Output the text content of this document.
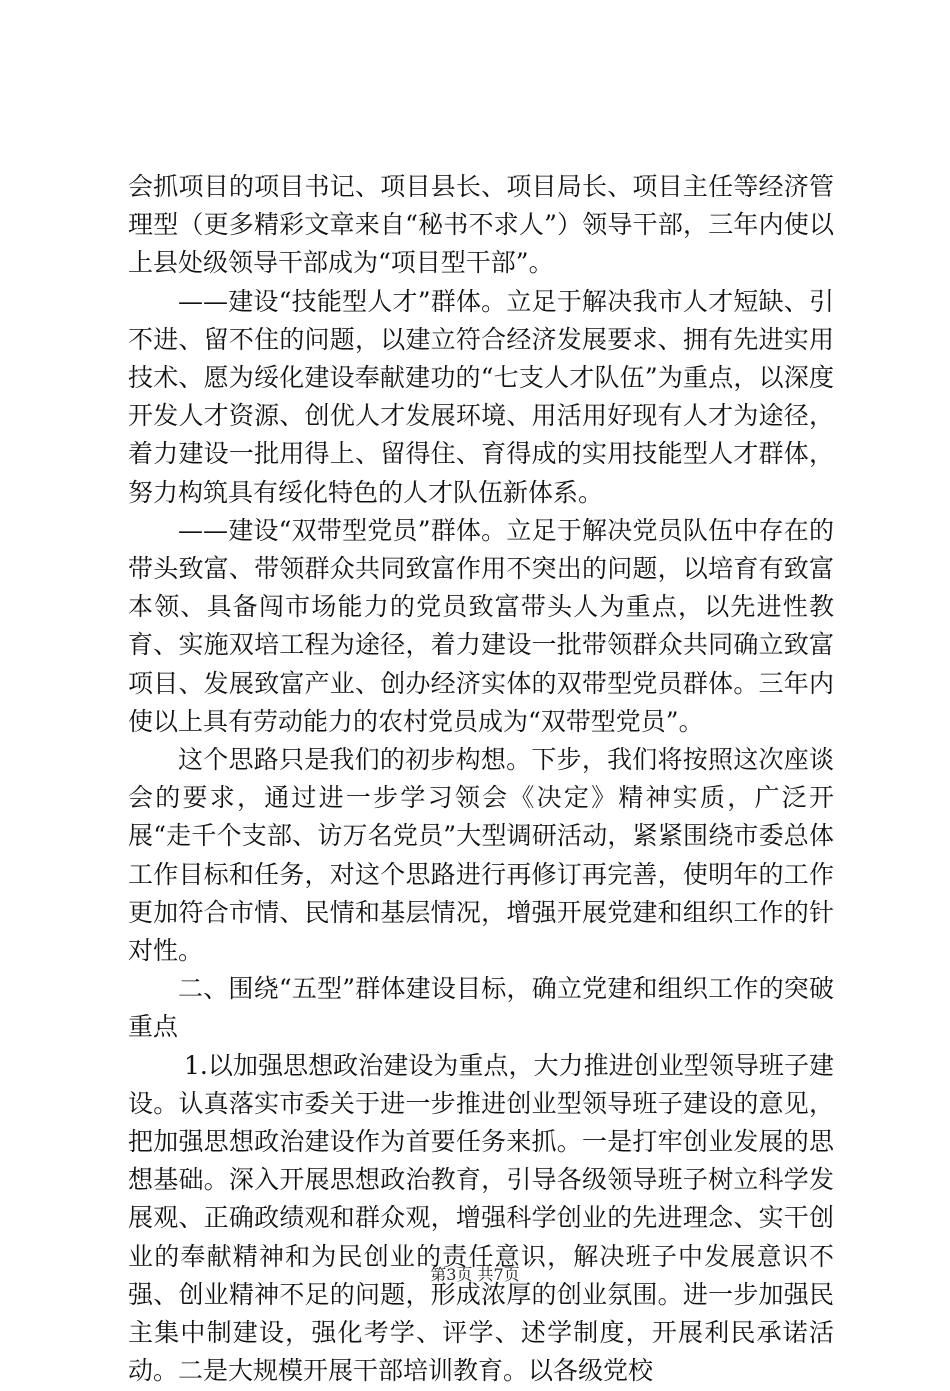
会抓项目的项目书记、项目县长、项目局长、项目主任等经济管理型（更多精彩文章来自“秘书不求人”）领导干部，三年内使以上县处级领导干部成为“项目型干部”。

——建设“技能型人才”群体。立足于解决我市人才短缺、引不进、留不住的问题，以建立符合经济发展要求、拥有先进实用技术、愿为绥化建设奉献建功的“七支人才队伍”为重点，以深度开发人才资源、创优人才发展环境、用活用好现有人才为途径，着力建设一批用得上、留得住、育得成的实用技能型人才群体，努力构筑具有绥化特色的人才队伍新体系。

——建设“双带型党员”群体。立足于解决党员队伍中存在的带头致富、带领群众共同致富作用不突出的问题，以培育有致富本领、具备闯市场能力的党员致富带头人为重点，以先进性教育、实施双培工程为途径，着力建设一批带领群众共同确立致富项目、发展致富产业、创办经济实体的双带型党员群体。三年内使以上具有劳动能力的农村党员成为“双带型党员”。

这个思路只是我们的初步构想。下步，我们将按照这次座谈会的要求，通过进一步学习领会《决定》精神实质，广泛开展“走千个支部、访万名党员”大型调研活动，紧紧围绕市委总体工作目标和任务，对这个思路进行再修订再完善，使明年的工作更加符合市情、民情和基层情况，增强开展党建和组织工作的针对性。

二、围绕“五型”群体建设目标，确立党建和组织工作的突破重点

1.以加强思想政治建设为重点，大力推进创业型领导班子建设。认真落实市委关于进一步推进创业型领导班子建设的意见，把加强思想政治建设作为首要任务来抓。一是打牢创业发展的思想基础。深入开展思想政治教育，引导各级领导班子树立科学发展观、正确政绩观和群众观，增强科学创业的先进理念、实干创业的奉献精神和为民创业的责任意识，解决班子中发展意识不强、创业精神不足的问题，形成浓厚的创业氛围。进一步加强民主集中制建设，强化考学、评学、述学制度，开展利民承诺活动。二是大规模开展干部培训教育。以各级党校

第3页 共7页
